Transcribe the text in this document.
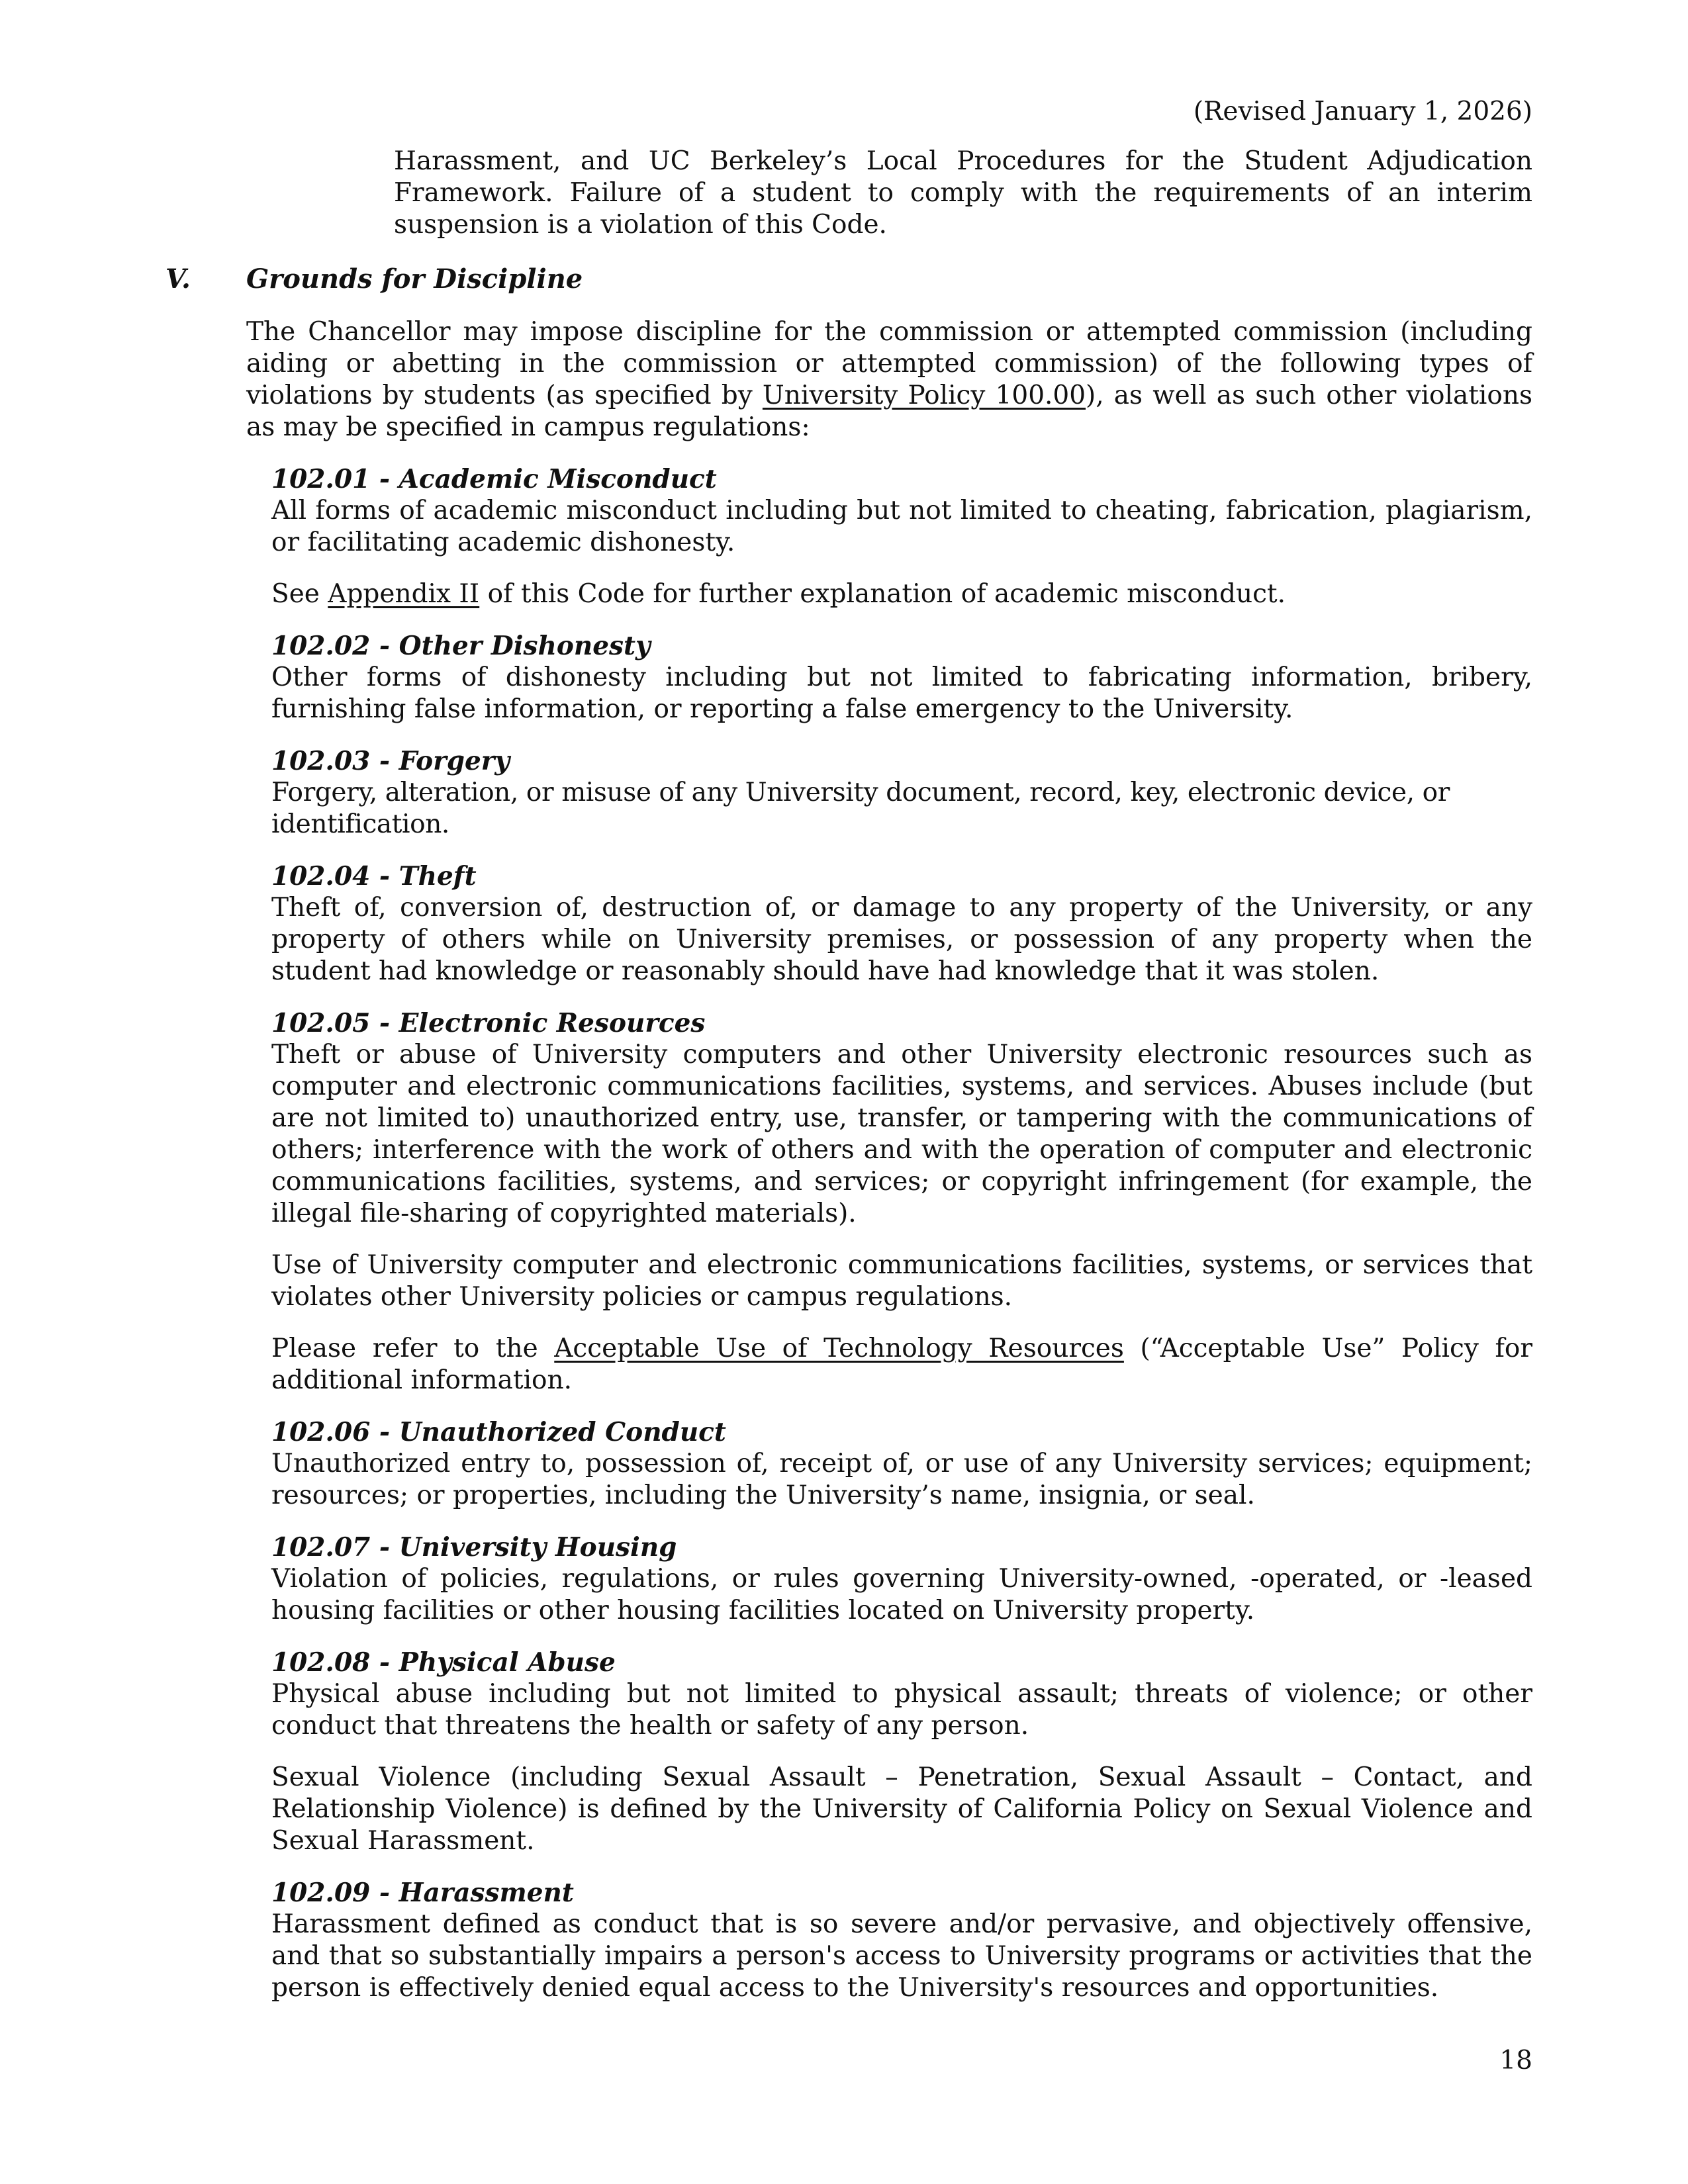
(Revised January 1, 2026)

Harassment, and UC Berkeley’s Local Procedures for the Student Adjudication Framework. Failure of a student to comply with the requirements of an interim suspension is a violation of this Code.

V. Grounds for Discipline

The Chancellor may impose discipline for the commission or attempted commission (including aiding or abetting in the commission or attempted commission) of the following types of violations by students (as specified by University Policy 100.00), as well as such other violations as may be specified in campus regulations:

102.01 - Academic Misconduct

All forms of academic misconduct including but not limited to cheating, fabrication, plagiarism, or facilitating academic dishonesty.

See Appendix II of this Code for further explanation of academic misconduct.

102.02 - Other Dishonesty

Other forms of dishonesty including but not limited to fabricating information, bribery, furnishing false information, or reporting a false emergency to the University.

102.03 - Forgery

Forgery, alteration, or misuse of any University document, record, key, electronic device, or identification.

102.04 - Theft

Theft of, conversion of, destruction of, or damage to any property of the University, or any property of others while on University premises, or possession of any property when the student had knowledge or reasonably should have had knowledge that it was stolen.

102.05 - Electronic Resources

Theft or abuse of University computers and other University electronic resources such as computer and electronic communications facilities, systems, and services. Abuses include (but are not limited to) unauthorized entry, use, transfer, or tampering with the communications of others; interference with the work of others and with the operation of computer and electronic communications facilities, systems, and services; or copyright infringement (for example, the illegal file-sharing of copyrighted materials).

Use of University computer and electronic communications facilities, systems, or services that violates other University policies or campus regulations.

Please refer to the Acceptable Use of Technology Resources (“Acceptable Use” Policy for additional information.

102.06 - Unauthorized Conduct

Unauthorized entry to, possession of, receipt of, or use of any University services; equipment; resources; or properties, including the University’s name, insignia, or seal.

102.07 - University Housing

Violation of policies, regulations, or rules governing University-owned, -operated, or -leased housing facilities or other housing facilities located on University property.

102.08 - Physical Abuse

Physical abuse including but not limited to physical assault; threats of violence; or other conduct that threatens the health or safety of any person.

Sexual Violence (including Sexual Assault – Penetration, Sexual Assault – Contact, and Relationship Violence) is defined by the University of California Policy on Sexual Violence and Sexual Harassment.

102.09 - Harassment

Harassment defined as conduct that is so severe and/or pervasive, and objectively offensive, and that so substantially impairs a person's access to University programs or activities that the person is effectively denied equal access to the University's resources and opportunities.

18
